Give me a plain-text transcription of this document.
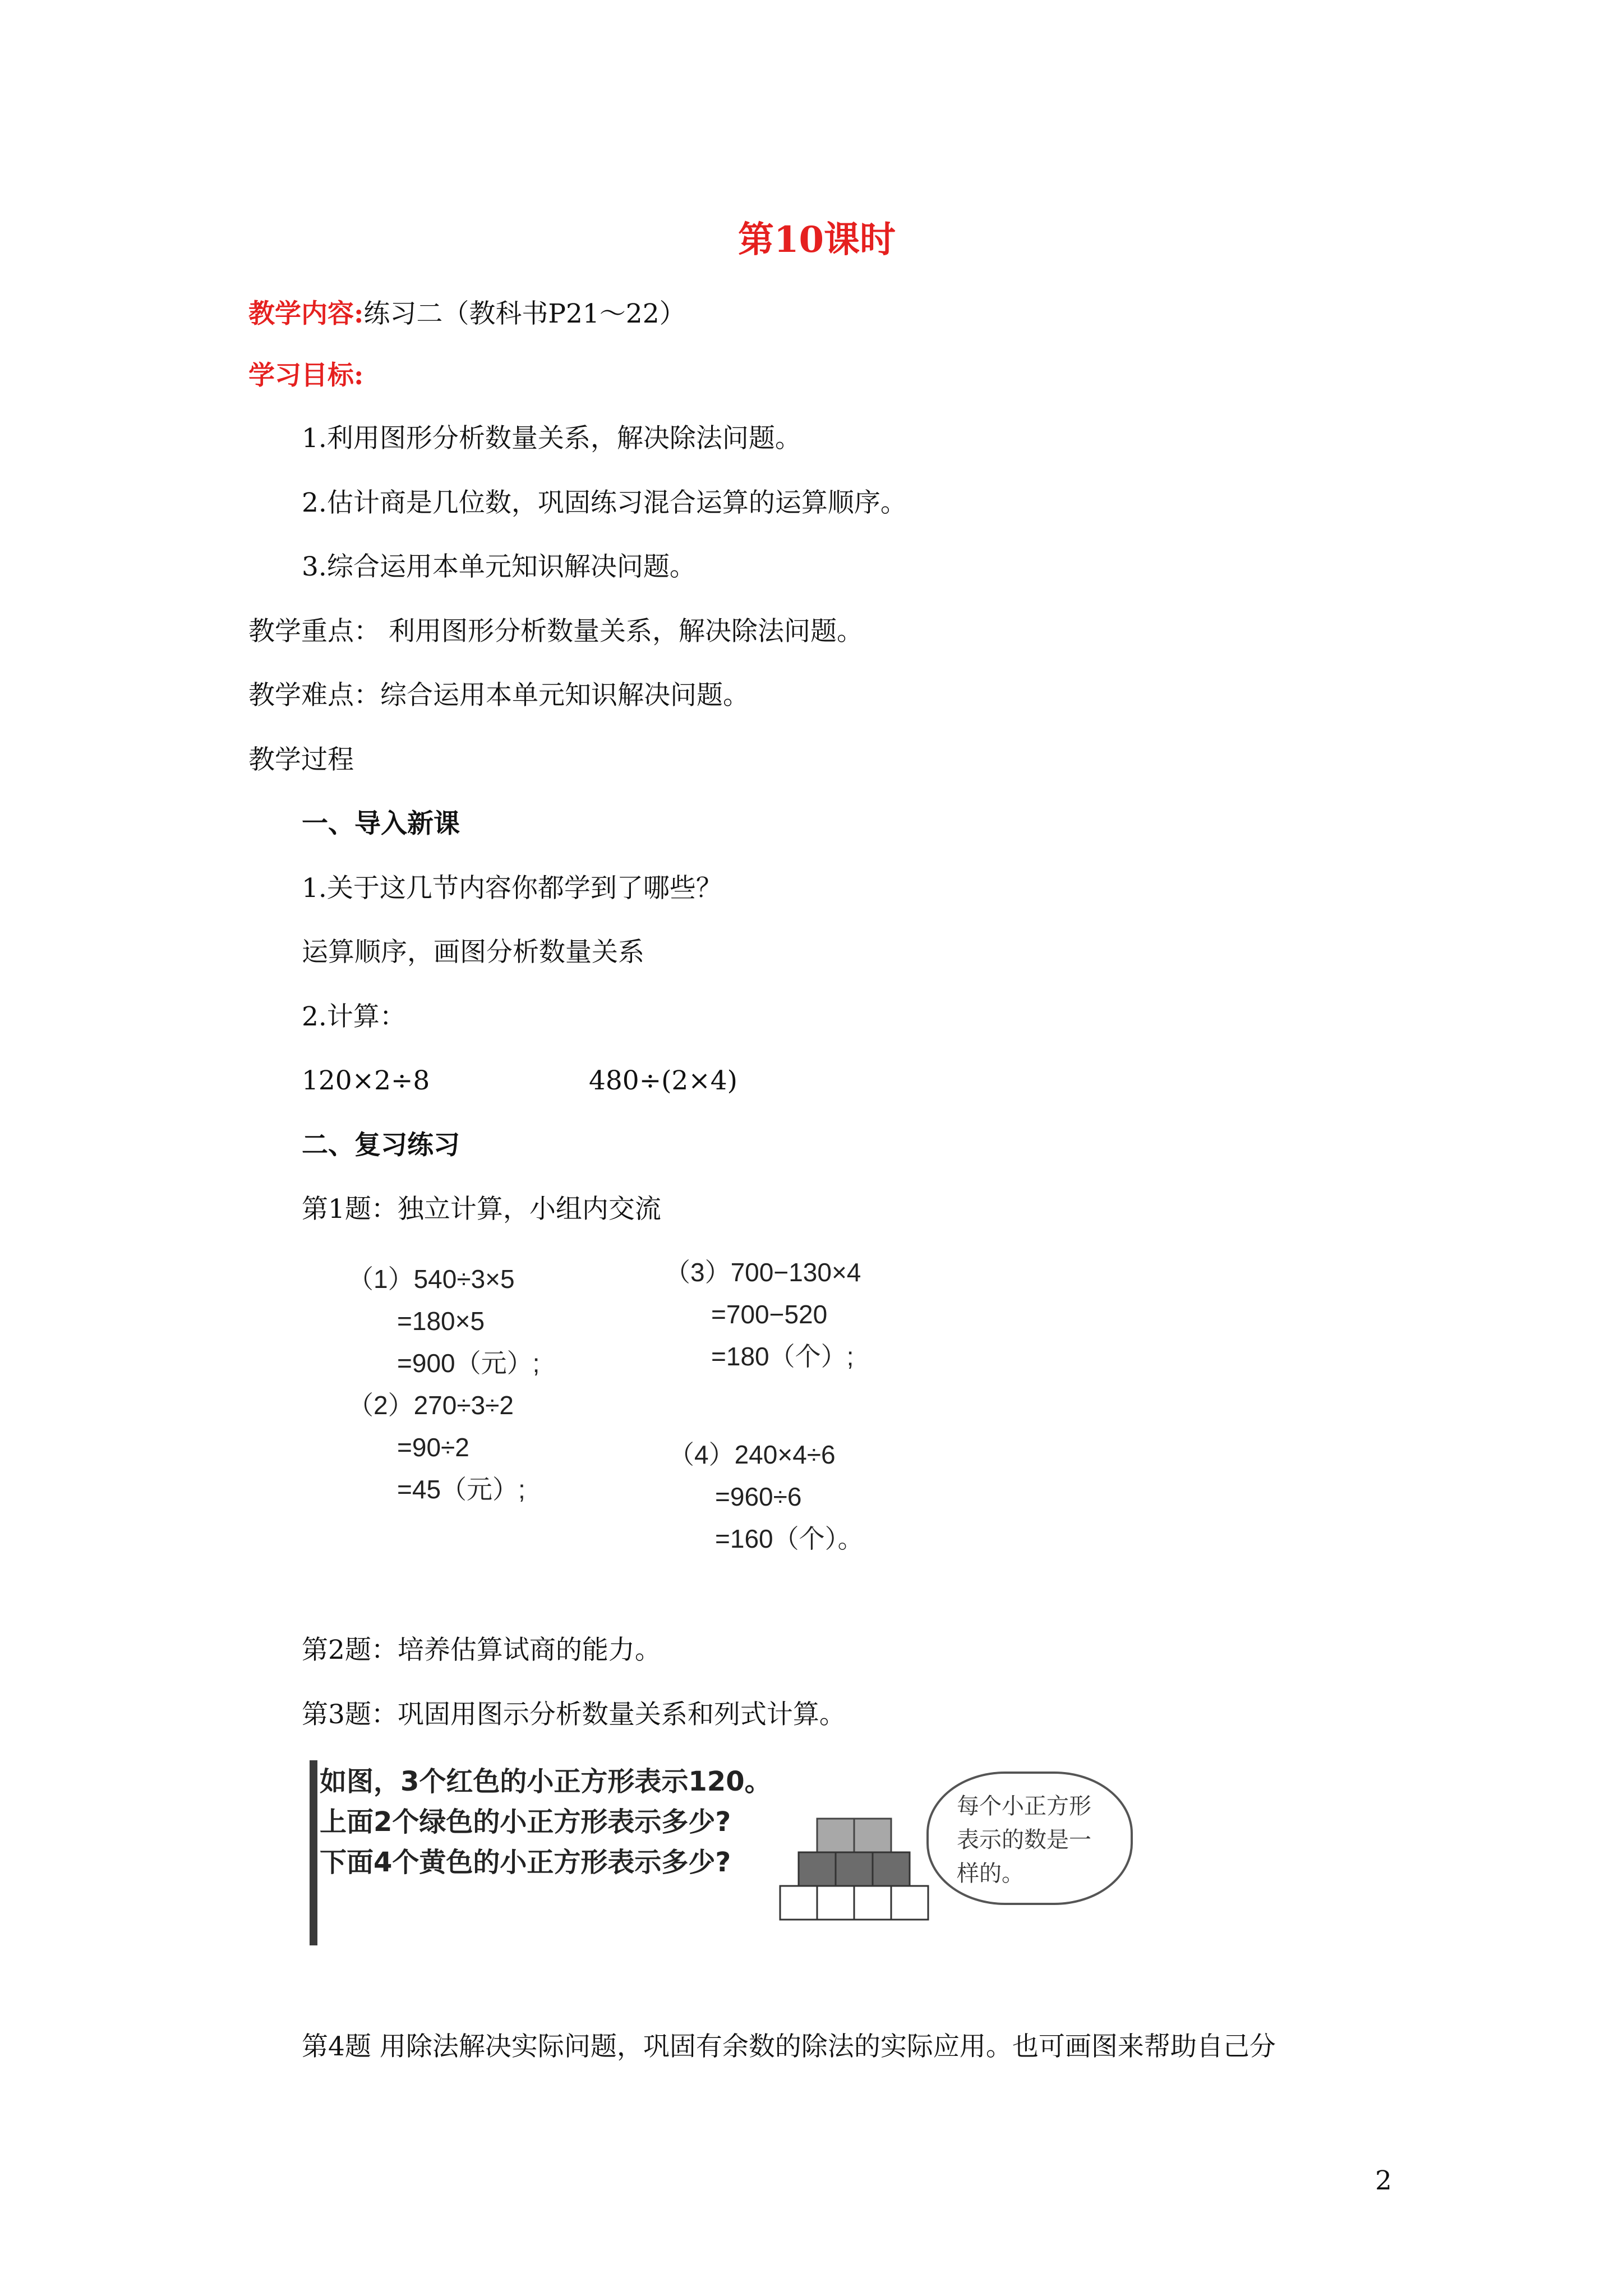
第10课时
教学内容:练习二（教科书P21～22）
学习目标:
1.利用图形分析数量关系，解决除法问题。
2.估计商是几位数，巩固练习混合运算的运算顺序。
3.综合运用本单元知识解决问题。
教学重点： 利用图形分析数量关系，解决除法问题。
教学难点：综合运用本单元知识解决问题。
教学过程
一、导入新课
1.关于这几节内容你都学到了哪些？
运算顺序，画图分析数量关系
2.计算：
120×2÷8	480÷(2×4)
二、复习练习
第1题：独立计算，小组内交流
（1）540÷3×5
=180×5
=900（元）;
（2）270÷3÷2
=90÷2
=45（元）;
（3）700−130×4
=700−520
=180（个）;
（4）240×4÷6
=960÷6
=160（个）。
第2题：培养估算试商的能力。
第3题：巩固用图示分析数量关系和列式计算。
如图，3个红色的小正方形表示120。
上面2个绿色的小正方形表示多少?
下面4个黄色的小正方形表示多少?
每个小正方形
表示的数是一
样的。
第4题 用除法解决实际问题，巩固有余数的除法的实际应用。也可画图来帮助自己分
2
